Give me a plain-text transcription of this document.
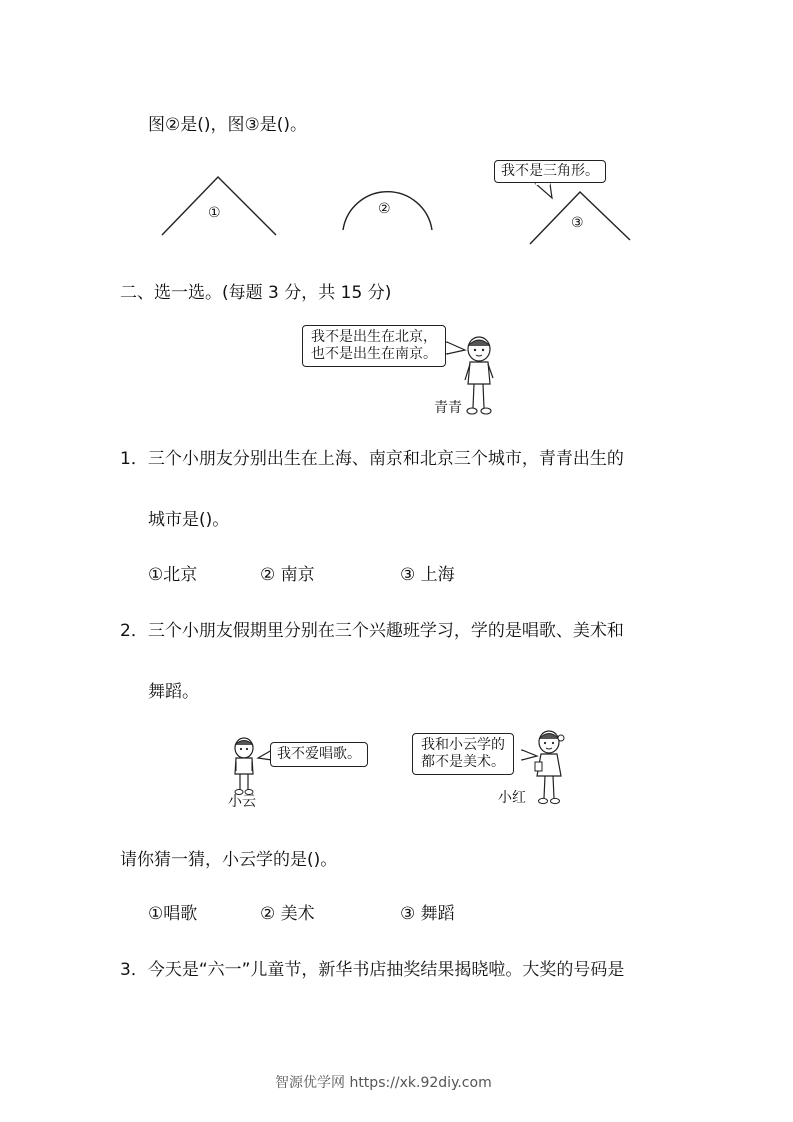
图②是()，图③是()。
①	②
我不是三角形。
③
二、选一选。(每题 3 分，共 15 分)
我不是出生在北京，
也不是出生在南京。
青青
1．三个小朋友分别出生在上海、南京和北京三个城市，青青出生的
城市是()。
①北京	② 南京	③ 上海
2．三个小朋友假期里分别在三个兴趣班学习，学的是唱歌、美术和
舞蹈。
我不爱唱歌。
小云
我和小云学的
都不是美术。
小红
请你猜一猜，小云学的是()。
①唱歌	② 美术	③ 舞蹈
3．今天是“六一”儿童节，新华书店抽奖结果揭晓啦。大奖的号码是
智源优学网 https://xk.92diy.com
